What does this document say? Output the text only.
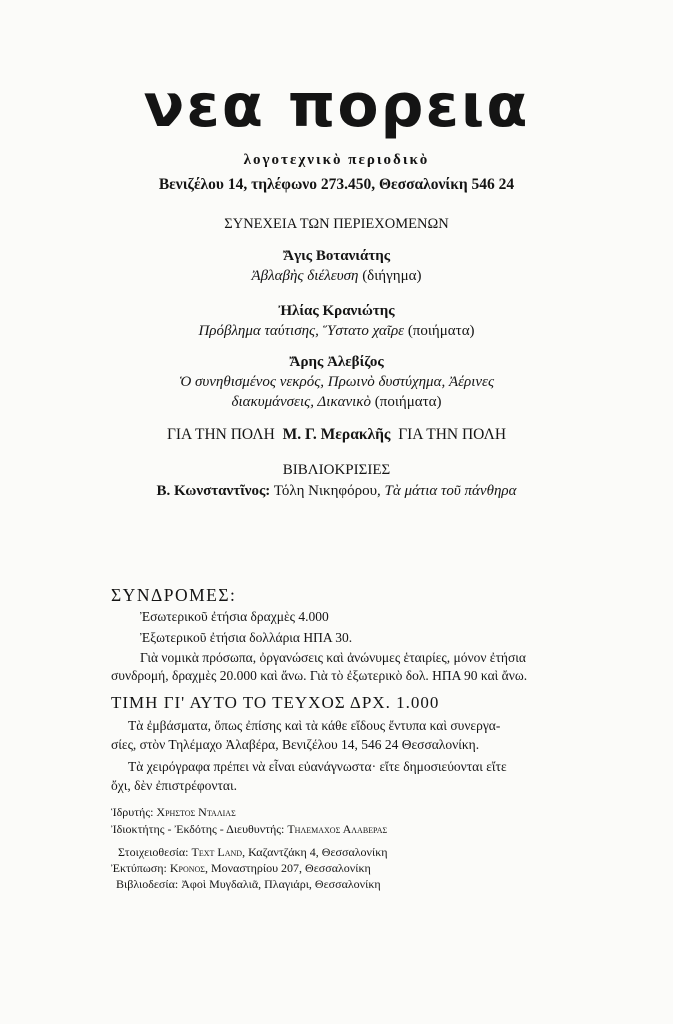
νεα πορεια
λογοτεχνικὸ περιοδικὸ
Βενιζέλου 14, τηλέφωνο 273.450, Θεσσαλονίκη 546 24
ΣΥΝΕΧΕΙΑ ΤΩΝ ΠΕΡΙΕΧΟΜΕΝΩΝ
Ἄγις Βοτανιάτης
Ἀβλαβὴς διέλευση (διήγημα)
Ἠλίας Κρανιώτης
Πρόβλημα ταύτισης, Ὕστατο χαῖρε (ποιήματα)
Ἄρης Ἀλεβίζος
Ὁ συνηθισμένος νεκρός, Πρωινὸ δυστύχημα, Ἀέρινες
διακυμάνσεις, Δικανικὸ (ποιήματα)
ΓΙΑ ΤΗΝ ΠΟΛΗ Μ. Γ. Μερακλῆς ΓΙΑ ΤΗΝ ΠΟΛΗ
ΒΙΒΛΙΟΚΡΙΣΙΕΣ
Β. Κωνσταντῖνος: Τόλη Νικηφόρου, Τὰ μάτια τοῦ πάνθηρα
ΣΥΝΔΡΟΜΕΣ:
Ἐσωτερικοῦ ἐτήσια δραχμὲς 4.000
Ἐξωτερικοῦ ἐτήσια δολλάρια ΗΠΑ 30.
Γιὰ νομικὰ πρόσωπα, ὀργανώσεις καὶ ἀνώνυμες ἑταιρίες, μόνον ἐτήσια
συνδρομή, δραχμὲς 20.000 καὶ ἄνω. Γιὰ τὸ ἐξωτερικὸ δολ. ΗΠΑ 90 καὶ ἄνω.
ΤΙΜΗ ΓΙ' ΑΥΤΟ ΤΟ ΤΕΥΧΟΣ ΔΡΧ. 1.000
Τὰ ἐμβάσματα, ὅπως ἐπίσης καὶ τὰ κάθε εἴδους ἔντυπα καὶ συνεργα-
σίες, στὸν Τηλέμαχο Ἀλαβέρα, Βενιζέλου 14, 546 24 Θεσσαλονίκη.
Τὰ χειρόγραφα πρέπει νὰ εἶναι εὐανάγνωστα· εἴτε δημοσιεύονται εἴτε
ὄχι, δὲν ἐπιστρέφονται.
Ἱδρυτής: Χρηστος Νταλιας
Ἰδιοκτήτης - Ἐκδότης - Διευθυντής: Τηλεμαχος Αλαβερας
Στοιχειοθεσία: Text Land, Καζαντζάκη 4, Θεσσαλονίκη
Ἐκτύπωση: Κρονος, Μοναστηρίου 207, Θεσσαλονίκη
Βιβλιοδεσία: Ἀφοὶ Μυγδαλιᾶ, Πλαγιάρι, Θεσσαλονίκη
